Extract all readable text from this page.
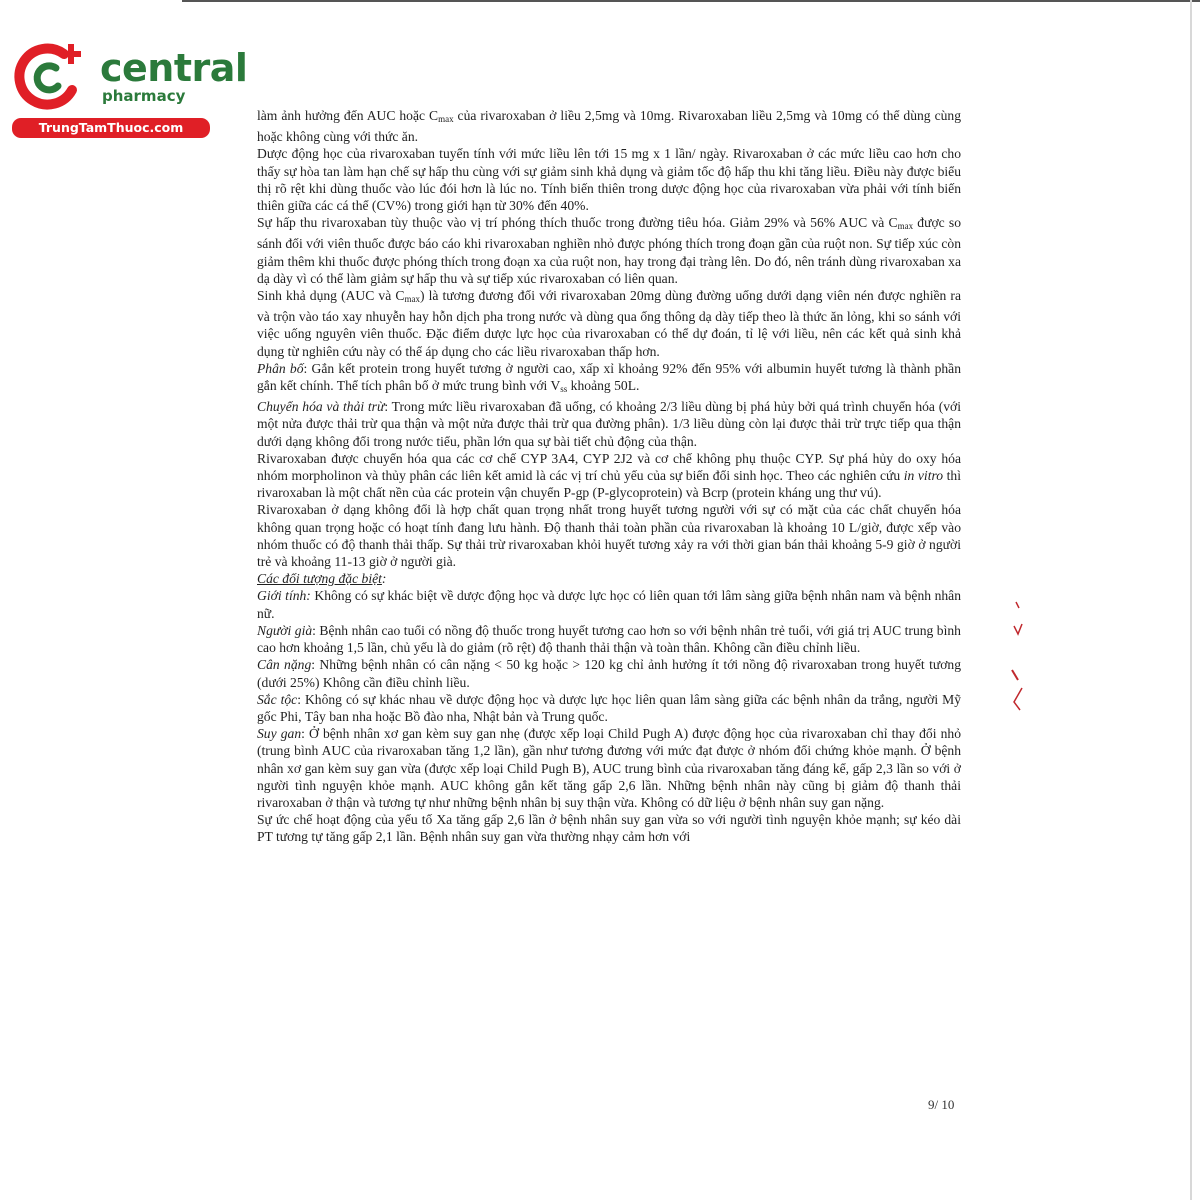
central
pharmacy
TrungTamThuoc.com

làm ảnh hưởng đến AUC hoặc $C_{max}$ của rivaroxaban ở liều 2,5mg và 10mg. Rivaroxaban liều 2,5mg và 10mg có thể dùng cùng hoặc không cùng với thức ăn.

Dược động học của rivaroxaban tuyến tính với mức liều lên tới 15 mg x 1 lần/ ngày. Rivaroxaban ở các mức liều cao hơn cho thấy sự hòa tan làm hạn chế sự hấp thu cùng với sự giảm sinh khả dụng và giảm tốc độ hấp thu khi tăng liều. Điều này được biểu thị rõ rệt khi dùng thuốc vào lúc đói hơn là lúc no. Tính biến thiên trong dược động học của rivaroxaban vừa phải với tính biến thiên giữa các cá thể (CV%) trong giới hạn từ 30% đến 40%.

Sự hấp thu rivaroxaban tùy thuộc vào vị trí phóng thích thuốc trong đường tiêu hóa. Giảm 29% và 56% AUC và $C_{max}$ được so sánh đối với viên thuốc được báo cáo khi rivaroxaban nghiền nhỏ được phóng thích trong đoạn gần của ruột non. Sự tiếp xúc còn giảm thêm khi thuốc được phóng thích trong đoạn xa của ruột non, hay trong đại tràng lên. Do đó, nên tránh dùng rivaroxaban xa dạ dày vì có thể làm giảm sự hấp thu và sự tiếp xúc rivaroxaban có liên quan.

Sinh khả dụng (AUC và $C_{max}$) là tương đương đối với rivaroxaban 20mg dùng đường uống dưới dạng viên nén được nghiền ra và trộn vào táo xay nhuyễn hay hỗn dịch pha trong nước và dùng qua ống thông dạ dày tiếp theo là thức ăn lỏng, khi so sánh với việc uống nguyên viên thuốc. Đặc điểm dược lực học của rivaroxaban có thể dự đoán, tỉ lệ với liều, nên các kết quả sinh khả dụng từ nghiên cứu này có thể áp dụng cho các liều rivaroxaban thấp hơn.

Phân bố: Gắn kết protein trong huyết tương ở người cao, xấp xỉ khoảng 92% đến 95% với albumin huyết tương là thành phần gắn kết chính. Thể tích phân bố ở mức trung bình với $V_{ss}$ khoảng 50L.

Chuyển hóa và thải trừ: Trong mức liều rivaroxaban đã uống, có khoảng 2/3 liều dùng bị phá hủy bởi quá trình chuyển hóa (với một nửa được thải trừ qua thận và một nửa được thải trừ qua đường phân). 1/3 liều dùng còn lại được thải trừ trực tiếp qua thận dưới dạng không đổi trong nước tiểu, phần lớn qua sự bài tiết chủ động của thận.

Rivaroxaban được chuyển hóa qua các cơ chế CYP 3A4, CYP 2J2 và cơ chế không phụ thuộc CYP. Sự phá hủy do oxy hóa nhóm morpholinon và thủy phân các liên kết amid là các vị trí chủ yếu của sự biến đổi sinh học. Theo các nghiên cứu in vitro thì rivaroxaban là một chất nền của các protein vận chuyển P-gp (P-glycoprotein) và Bcrp (protein kháng ung thư vú).

Rivaroxaban ở dạng không đổi là hợp chất quan trọng nhất trong huyết tương người với sự có mặt của các chất chuyển hóa không quan trọng hoặc có hoạt tính đang lưu hành. Độ thanh thải toàn phần của rivaroxaban là khoảng 10 L/giờ, được xếp vào nhóm thuốc có độ thanh thải thấp. Sự thải trừ rivaroxaban khỏi huyết tương xảy ra với thời gian bán thải khoảng 5-9 giờ ở người trẻ và khoảng 11-13 giờ ở người già.

Các đối tượng đặc biệt:

Giới tính: Không có sự khác biệt về dược động học và dược lực học có liên quan tới lâm sàng giữa bệnh nhân nam và bệnh nhân nữ.

Người già: Bệnh nhân cao tuổi có nồng độ thuốc trong huyết tương cao hơn so với bệnh nhân trẻ tuổi, với giá trị AUC trung bình cao hơn khoảng 1,5 lần, chủ yếu là do giảm (rõ rệt) độ thanh thải thận và toàn thân. Không cần điều chỉnh liều.

Cân nặng: Những bệnh nhân có cân nặng < 50 kg hoặc > 120 kg chỉ ảnh hưởng ít tới nồng độ rivaroxaban trong huyết tương (dưới 25%) Không cần điều chỉnh liều.

Sắc tộc: Không có sự khác nhau về dược động học và dược lực học liên quan lâm sàng giữa các bệnh nhân da trắng, người Mỹ gốc Phi, Tây ban nha hoặc Bồ đào nha, Nhật bản và Trung quốc.

Suy gan: Ở bệnh nhân xơ gan kèm suy gan nhẹ (được xếp loại Child Pugh A) được động học của rivaroxaban chỉ thay đổi nhỏ (trung bình AUC của rivaroxaban tăng 1,2 lần), gần như tương đương với mức đạt được ở nhóm đối chứng khỏe mạnh. Ở bệnh nhân xơ gan kèm suy gan vừa (được xếp loại Child Pugh B), AUC trung bình của rivaroxaban tăng đáng kể, gấp 2,3 lần so với ở người tình nguyện khỏe mạnh. AUC không gắn kết tăng gấp 2,6 lần. Những bệnh nhân này cũng bị giảm độ thanh thải rivaroxaban ở thận và tương tự như những bệnh nhân bị suy thận vừa. Không có dữ liệu ở bệnh nhân suy gan nặng.

Sự ức chế hoạt động của yếu tố Xa tăng gấp 2,6 lần ở bệnh nhân suy gan vừa so với người tình nguyện khỏe mạnh; sự kéo dài PT tương tự tăng gấp 2,1 lần. Bệnh nhân suy gan vừa thường nhạy cảm hơn với

9/ 10
